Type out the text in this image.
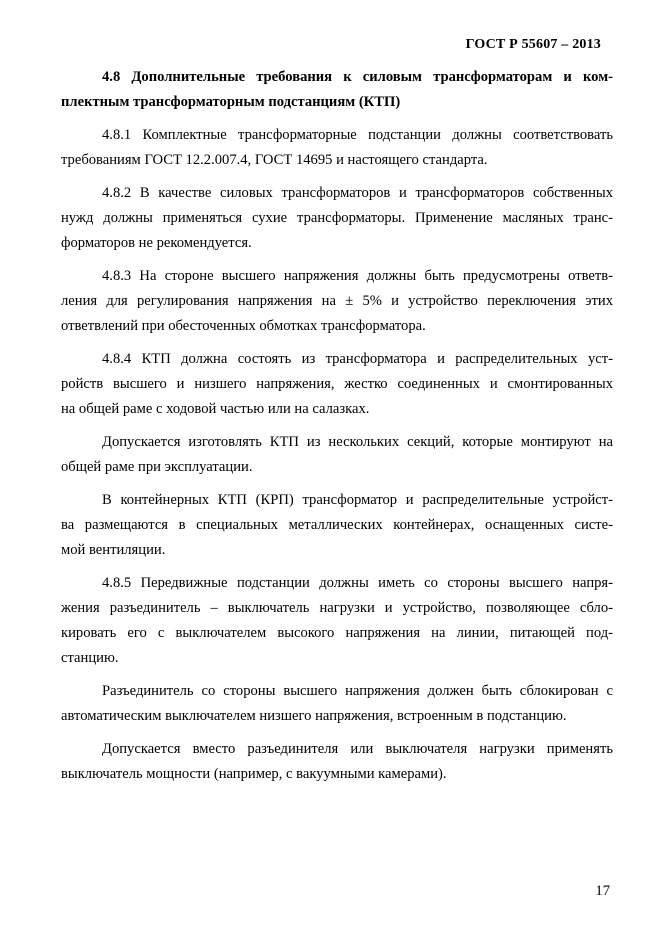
ГОСТ Р 55607 – 2013
4.8 Дополнительные требования к силовым трансформаторам и ком-
плектным трансформаторным подстанциям (КТП)
4.8.1 Комплектные трансформаторные подстанции должны соответствовать
требованиям ГОСТ 12.2.007.4, ГОСТ 14695 и настоящего стандарта.
4.8.2 В качестве силовых трансформаторов и трансформаторов собственных
нужд должны применяться сухие трансформаторы. Применение масляных транс-
форматоров не рекомендуется.
4.8.3 На стороне высшего напряжения должны быть предусмотрены ответв-
ления для регулирования напряжения на ± 5% и устройство переключения этих
ответвлений при обесточенных обмотках трансформатора.
4.8.4 КТП должна состоять из трансформатора и распределительных уст-
ройств высшего и низшего напряжения, жестко соединенных и смонтированных
на общей раме с ходовой частью или на салазках.
Допускается изготовлять КТП из нескольких секций, которые монтируют на
общей раме при эксплуатации.
В контейнерных КТП (КРП) трансформатор и распределительные устройст-
ва размещаются в специальных металлических контейнерах, оснащенных систе-
мой вентиляции.
4.8.5 Передвижные подстанции должны иметь со стороны высшего напря-
жения разъединитель – выключатель нагрузки и устройство, позволяющее сбло-
кировать его с выключателем высокого напряжения на линии, питающей под-
станцию.
Разъединитель со стороны высшего напряжения должен быть сблокирован с
автоматическим выключателем низшего напряжения, встроенным в подстанцию.
Допускается вместо разъединителя или выключателя нагрузки применять
выключатель мощности (например, с вакуумными камерами).
17
